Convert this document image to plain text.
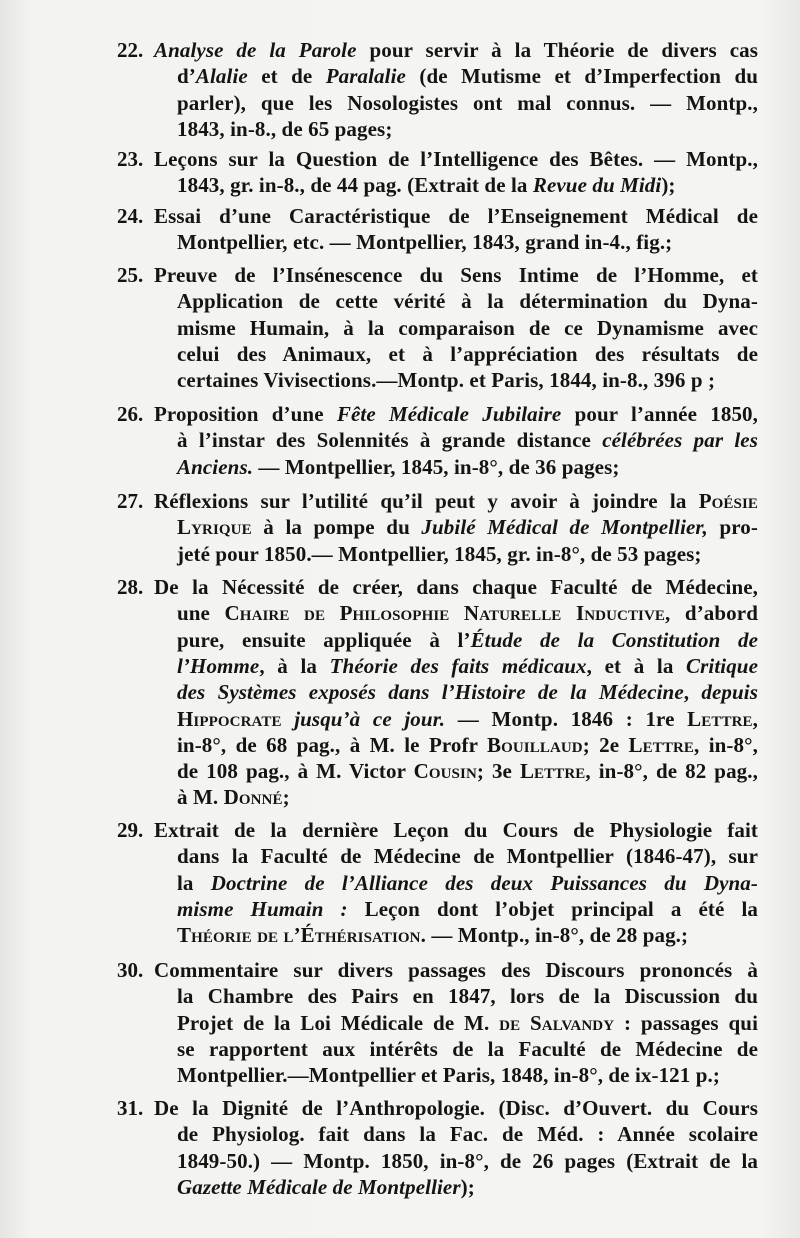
22. Analyse de la Parole pour servir à la Théorie de divers cas
d’Alalie et de Paralalie (de Mutisme et d’Imperfection du
parler), que les Nosologistes ont mal connus. — Montp.,
1843, in-8., de 65 pages;
23. Leçons sur la Question de l’Intelligence des Bêtes. — Montp.,
1843, gr. in-8., de 44 pag. (Extrait de la Revue du Midi);
24. Essai d’une Caractéristique de l’Enseignement Médical de
Montpellier, etc. — Montpellier, 1843, grand in-4., fig.;
25. Preuve de l’Insénescence du Sens Intime de l’Homme, et
Application de cette vérité à la détermination du Dyna-
misme Humain, à la comparaison de ce Dynamisme avec
celui des Animaux, et à l’appréciation des résultats de
certaines Vivisections.—Montp. et Paris, 1844, in-8., 396 p ;
26. Proposition d’une Fête Médicale Jubilaire pour l’année 1850,
à l’instar des Solennités à grande distance célébrées par les
Anciens. — Montpellier, 1845, in-8°, de 36 pages;
27. Réflexions sur l’utilité qu’il peut y avoir à joindre la Poésie
Lyrique à la pompe du Jubilé Médical de Montpellier, pro-
jeté pour 1850.— Montpellier, 1845, gr. in-8°, de 53 pages;
28. De la Nécessité de créer, dans chaque Faculté de Médecine,
une Chaire de Philosophie Naturelle Inductive, d’abord
pure, ensuite appliquée à l’Étude de la Constitution de
l’Homme, à la Théorie des faits médicaux, et à la Critique
des Systèmes exposés dans l’Histoire de la Médecine, depuis
Hippocrate jusqu’à ce jour. — Montp. 1846 : 1re Lettre,
in-8°, de 68 pag., à M. le Profr Bouillaud; 2e Lettre, in-8°,
de 108 pag., à M. Victor Cousin; 3e Lettre, in-8°, de 82 pag.,
à M. Donné;
29. Extrait de la dernière Leçon du Cours de Physiologie fait
dans la Faculté de Médecine de Montpellier (1846-47), sur
la Doctrine de l’Alliance des deux Puissances du Dyna-
misme Humain : Leçon dont l’objet principal a été la
Théorie de l’Éthérisation. — Montp., in-8°, de 28 pag.;
30. Commentaire sur divers passages des Discours prononcés à
la Chambre des Pairs en 1847, lors de la Discussion du
Projet de la Loi Médicale de M. de Salvandy : passages qui
se rapportent aux intérêts de la Faculté de Médecine de
Montpellier.—Montpellier et Paris, 1848, in-8°, de ix-121 p.;
31. De la Dignité de l’Anthropologie. (Disc. d’Ouvert. du Cours
de Physiolog. fait dans la Fac. de Méd. : Année scolaire
1849-50.) — Montp. 1850, in-8°, de 26 pages (Extrait de la
Gazette Médicale de Montpellier);
